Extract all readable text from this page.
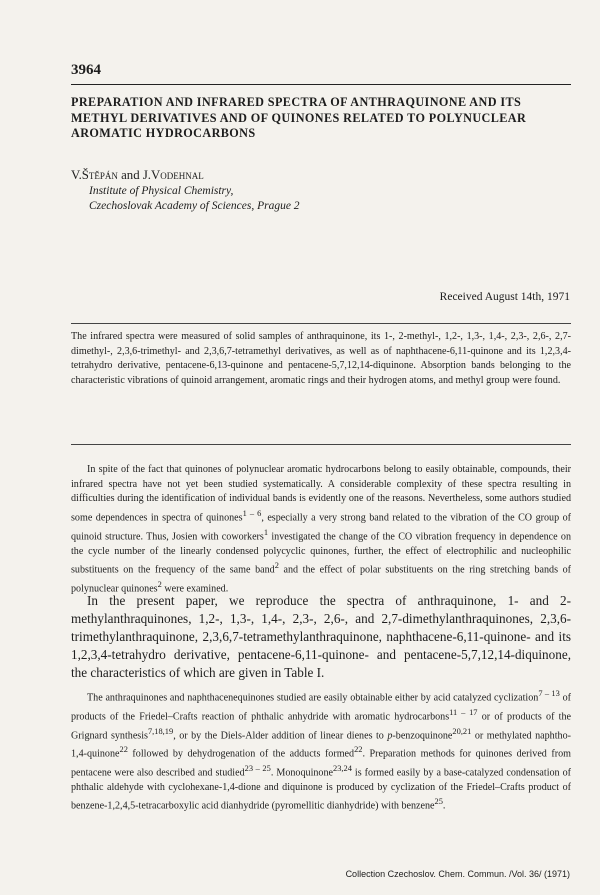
3964
PREPARATION AND INFRARED SPECTRA OF ANTHRAQUINONE AND ITS METHYL DERIVATIVES AND OF QUINONES RELATED TO POLYNUCLEAR AROMATIC HYDROCARBONS
V.Štěpán and J.Vodehnal
Institute of Physical Chemistry,
Czechoslovak Academy of Sciences, Prague 2
Received August 14th, 1971

The infrared spectra were measured of solid samples of anthraquinone, its 1-, 2-methyl-, 1,2-, 1,3-, 1,4-, 2,3-, 2,6-, 2,7-dimethyl-, 2,3,6-trimethyl- and 2,3,6,7-tetramethyl derivatives, as well as of naphthacene-6,11-quinone and its 1,2,3,4-tetrahydro derivative, pentacene-6,13-quinone and pentacene-5,7,12,14-diquinone. Absorption bands belonging to the characteristic vibrations of quinoid arrangement, aromatic rings and their hydrogen atoms, and methyl group were found.

In spite of the fact that quinones of polynuclear aromatic hydrocarbons belong to easily obtainable, compounds, their infrared spectra have not yet been studied systematically. A considerable complexity of these spectra resulting in difficulties during the identification of individual bands is evidently one of the reasons. Nevertheless, some authors studied some dependences in spectra of quinones$^{1 - 6}$, especially a very strong band related to the vibration of the CO group of quinoid structure. Thus, Josien with coworkers$^1$ investigated the change of the CO vibration frequency in dependence on the cycle number of the linearly condensed polycyclic quinones, further, the effect of electrophilic and nucleophilic substituents on the frequency of the same band$^2$ and the effect of polar substituents on the ring stretching bands of polynuclear quinones$^2$ were examined.

In the present paper, we reproduce the spectra of anthraquinone, 1- and 2-methylanthraquinones, 1,2-, 1,3-, 1,4-, 2,3-, 2,6-, and 2,7-dimethylanthraquinones, 2,3,6-trimethylanthraquinone, 2,3,6,7-tetramethylanthraquinone, naphthacene-6,11-quinone- and its 1,2,3,4-tetrahydro derivative, pentacene-6,11-quinone- and pentacene-5,7,12,14-diquinone, the characteristics of which are given in Table I.

The anthraquinones and naphthacenequinones studied are easily obtainable either by acid catalyzed cyclization$^{7 - 13}$ of products of the Friedel–Crafts reaction of phthalic anhydride with aromatic hydrocarbons$^{11 - 17}$ or of products of the Grignard synthesis$^{7,18,19}$, or by the Diels-Alder addition of linear dienes to p-benzoquinone$^{20,21}$ or methylated naphtho-1,4-quinone$^{22}$ followed by dehydrogenation of the adducts formed$^{22}$. Preparation methods for quinones derived from pentacene were also described and studied$^{23 - 25}$. Monoquinone$^{23,24}$ is formed easily by a base-catalyzed condensation of phthalic aldehyde with cyclohexane-1,4-dione and diquinone is produced by cyclization of the Friedel–Crafts product of benzene-1,2,4,5-tetracarboxylic acid dianhydride (pyromellitic dianhydride) with benzene$^{25}$.

Collection Czechoslov. Chem. Commun. /Vol. 36/ (1971)
